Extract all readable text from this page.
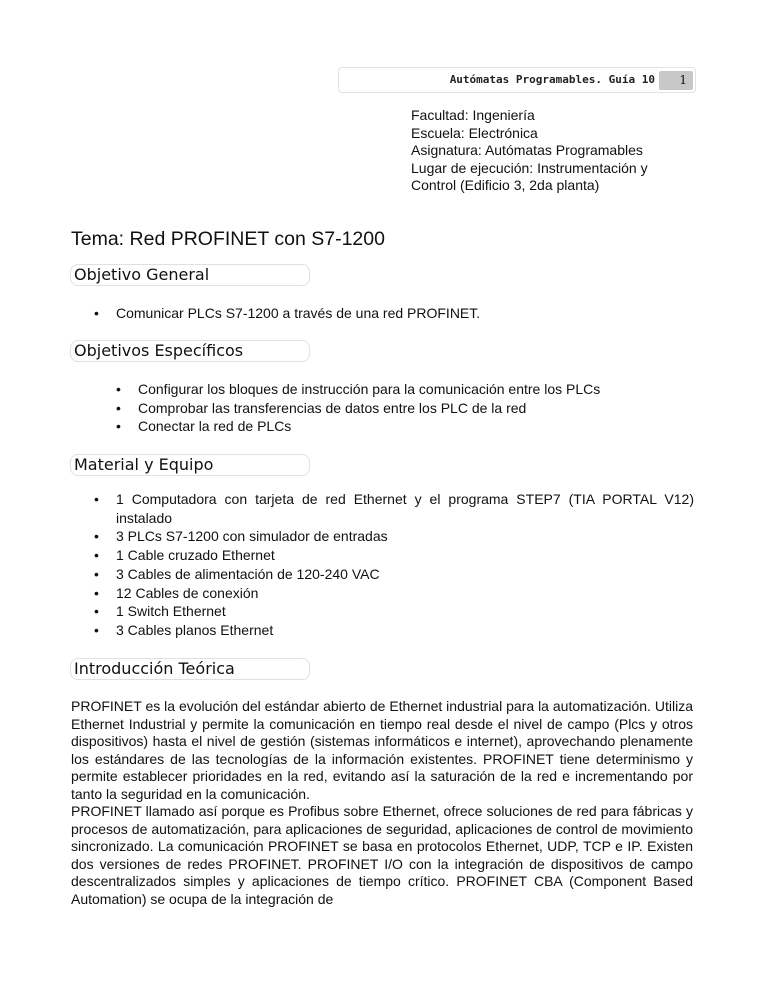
Autómatas Programables. Guía 10	1
Facultad: Ingeniería
Escuela: Electrónica
Asignatura: Autómatas Programables
Lugar de ejecución: Instrumentación y
Control (Edificio 3, 2da planta)
Tema: Red PROFINET con S7-1200
Objetivo General
• Comunicar PLCs S7-1200 a través de una red PROFINET.
Objetivos Específicos
• Configurar los bloques de instrucción para la comunicación entre los PLCs
• Comprobar las transferencias de datos entre los PLC de la red
• Conectar la red de PLCs
Material y Equipo
• 1 Computadora con tarjeta de red Ethernet y el programa STEP7 (TIA PORTAL V12) instalado
• 3 PLCs S7-1200 con simulador de entradas
• 1 Cable cruzado Ethernet
• 3 Cables de alimentación de 120-240 VAC
• 12 Cables de conexión
• 1 Switch Ethernet
• 3 Cables planos Ethernet
Introducción Teórica

PROFINET es la evolución del estándar abierto de Ethernet industrial para la automatización. Utiliza Ethernet Industrial y permite la comunicación en tiempo real desde el nivel de campo (Plcs y otros dispositivos) hasta el nivel de gestión (sistemas informáticos e internet), aprovechando plenamente los estándares de las tecnologías de la información existentes. PROFINET tiene determinismo y permite establecer prioridades en la red, evitando así la saturación de la red e incrementando por tanto la seguridad en la comunicación.

PROFINET llamado así porque es Profibus sobre Ethernet, ofrece soluciones de red para fábricas y procesos de automatización, para aplicaciones de seguridad, aplicaciones de control de movimiento sincronizado. La comunicación PROFINET se basa en protocolos Ethernet, UDP, TCP e IP. Existen dos versiones de redes PROFINET. PROFINET I/O con la integración de dispositivos de campo descentralizados simples y aplicaciones de tiempo crítico. PROFINET CBA (Component Based Automation) se ocupa de la integración de
